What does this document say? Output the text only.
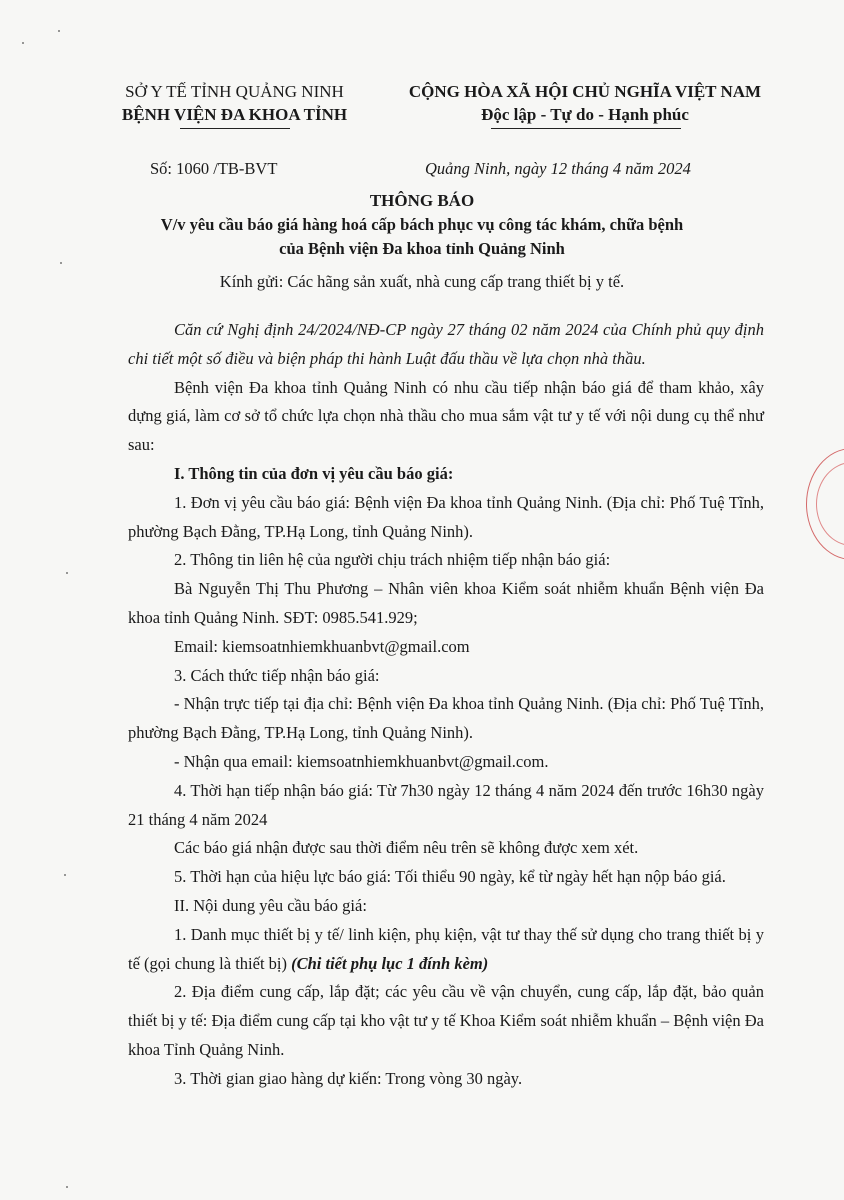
SỞ Y TẾ TỈNH QUẢNG NINH
BỆNH VIỆN ĐA KHOA TỈNH
CỘNG HÒA XÃ HỘI CHỦ NGHĨA VIỆT NAM
Độc lập - Tự do - Hạnh phúc
Số: 1060 /TB-BVT	Quảng Ninh, ngày 12 tháng 4 năm 2024
THÔNG BÁO
V/v yêu cầu báo giá hàng hoá cấp bách phục vụ công tác khám, chữa bệnh
của Bệnh viện Đa khoa tỉnh Quảng Ninh
Kính gửi: Các hãng sản xuất, nhà cung cấp trang thiết bị y tế.

Căn cứ Nghị định 24/2024/NĐ-CP ngày 27 tháng 02 năm 2024 của Chính phủ quy định chi tiết một số điều và biện pháp thi hành Luật đấu thầu về lựa chọn nhà thầu.

Bệnh viện Đa khoa tỉnh Quảng Ninh có nhu cầu tiếp nhận báo giá để tham khảo, xây dựng giá, làm cơ sở tổ chức lựa chọn nhà thầu cho mua sắm vật tư y tế với nội dung cụ thể như sau:

I. Thông tin của đơn vị yêu cầu báo giá:

1. Đơn vị yêu cầu báo giá: Bệnh viện Đa khoa tỉnh Quảng Ninh. (Địa chỉ: Phố Tuệ Tĩnh, phường Bạch Đằng, TP.Hạ Long, tỉnh Quảng Ninh).

2. Thông tin liên hệ của người chịu trách nhiệm tiếp nhận báo giá:

Bà Nguyễn Thị Thu Phương – Nhân viên khoa Kiểm soát nhiễm khuẩn Bệnh viện Đa khoa tỉnh Quảng Ninh. SĐT: 0985.541.929;

Email: kiemsoatnhiemkhuanbvt@gmail.com

3. Cách thức tiếp nhận báo giá:

- Nhận trực tiếp tại địa chỉ: Bệnh viện Đa khoa tỉnh Quảng Ninh. (Địa chỉ: Phố Tuệ Tĩnh, phường Bạch Đằng, TP.Hạ Long, tỉnh Quảng Ninh).

- Nhận qua email: kiemsoatnhiemkhuanbvt@gmail.com.

4. Thời hạn tiếp nhận báo giá: Từ 7h30 ngày 12 tháng 4 năm 2024 đến trước 16h30 ngày 21 tháng 4 năm 2024

Các báo giá nhận được sau thời điểm nêu trên sẽ không được xem xét.

5. Thời hạn của hiệu lực báo giá: Tối thiểu 90 ngày, kể từ ngày hết hạn nộp báo giá.

II. Nội dung yêu cầu báo giá:

1. Danh mục thiết bị y tế/ linh kiện, phụ kiện, vật tư thay thế sử dụng cho trang thiết bị y tế (gọi chung là thiết bị) (Chi tiết phụ lục 1 đính kèm)

2. Địa điểm cung cấp, lắp đặt; các yêu cầu về vận chuyển, cung cấp, lắp đặt, bảo quản thiết bị y tế: Địa điểm cung cấp tại kho vật tư y tế Khoa Kiểm soát nhiễm khuẩn – Bệnh viện Đa khoa Tỉnh Quảng Ninh.

3. Thời gian giao hàng dự kiến: Trong vòng 30 ngày.
